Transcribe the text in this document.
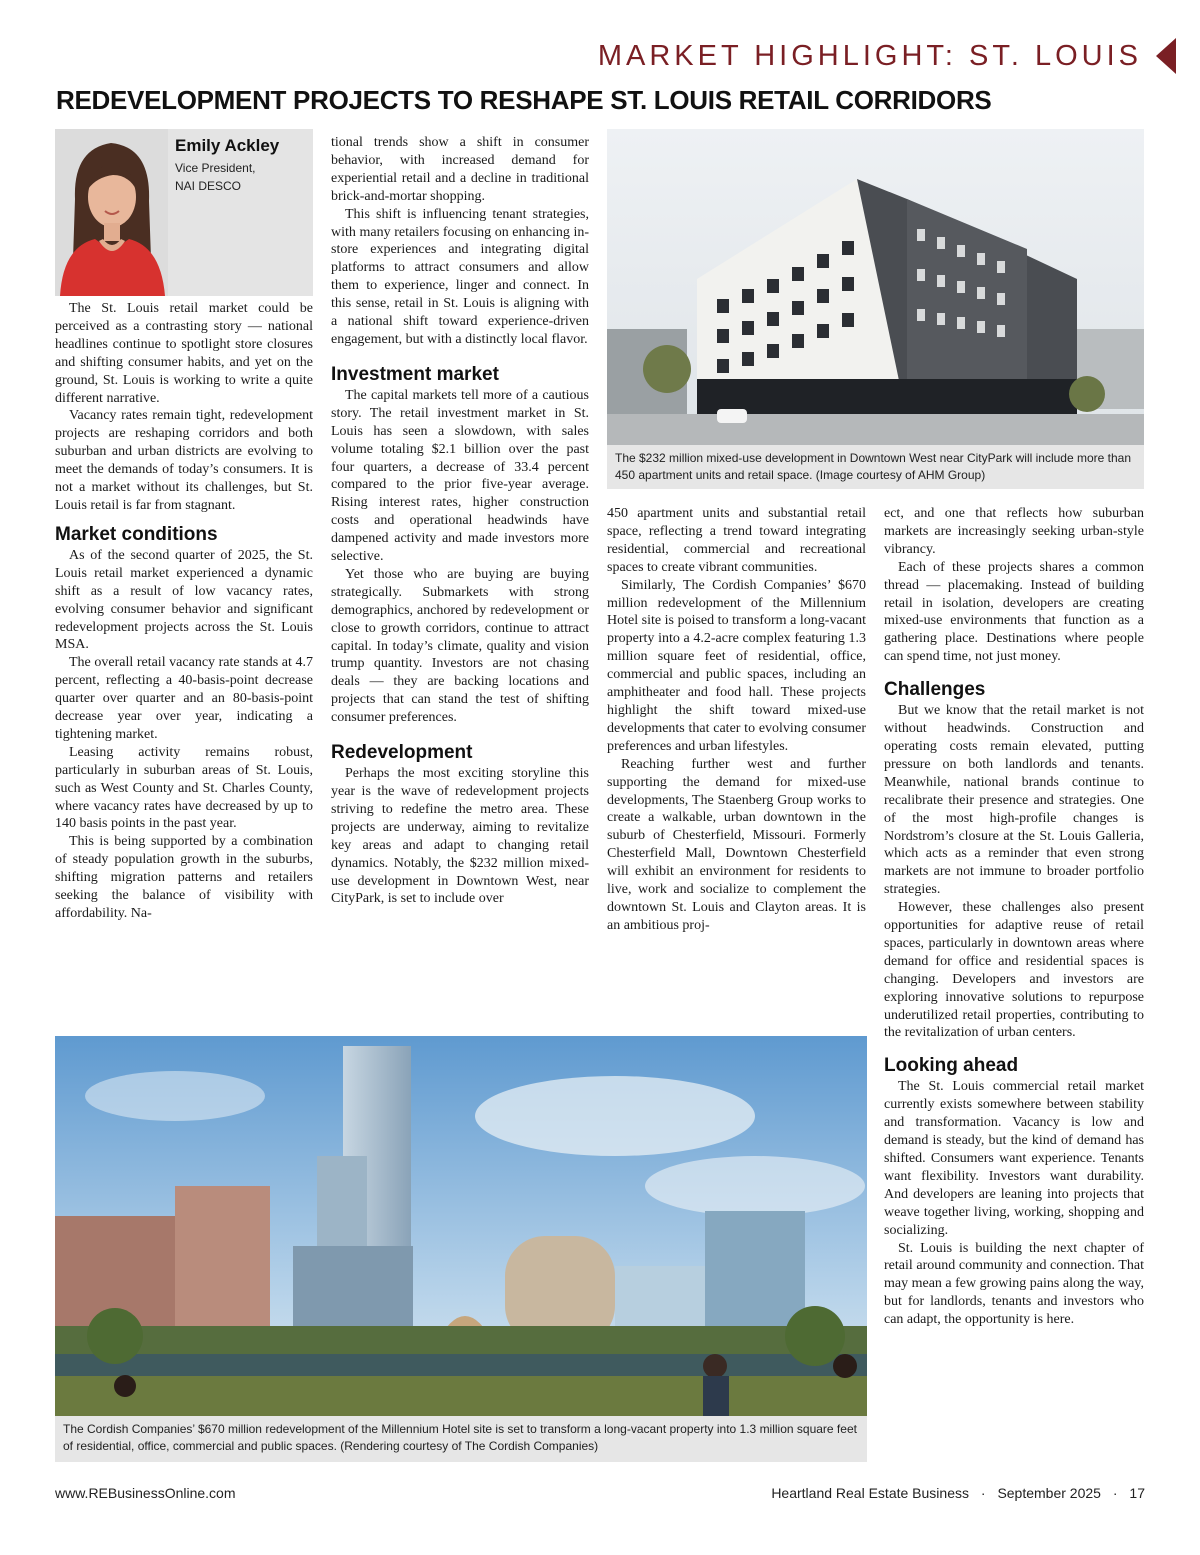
MARKET HIGHLIGHT: ST. LOUIS
REDEVELOPMENT PROJECTS TO RESHAPE ST. LOUIS RETAIL CORRIDORS
Emily Ackley
Vice President,
NAI DESCO

The St. Louis retail market could be perceived as a contrasting story — national headlines continue to spotlight store closures and shifting consumer habits, and yet on the ground, St. Louis is working to write a quite different narrative.

Vacancy rates remain tight, redevelopment projects are reshaping corridors and both suburban and urban districts are evolving to meet the demands of today’s consumers. It is not a market without its challenges, but St. Louis retail is far from stagnant.

Market conditions

As of the second quarter of 2025, the St. Louis retail market experienced a dynamic shift as a result of low vacancy rates, evolving consumer behavior and significant redevelopment projects across the St. Louis MSA.

The overall retail vacancy rate stands at 4.7 percent, reflecting a 40-basis-point decrease quarter over quarter and an 80-basis-point decrease year over year, indicating a tightening market.

Leasing activity remains robust, particularly in suburban areas of St. Louis, such as West County and St. Charles County, where vacancy rates have decreased by up to 140 basis points in the past year.

This is being supported by a combination of steady population growth in the suburbs, shifting migration patterns and retailers seeking the balance of visibility with affordability. Na-

tional trends show a shift in consumer behavior, with increased demand for experiential retail and a decline in traditional brick-and-mortar shopping.

This shift is influencing tenant strategies, with many retailers focusing on enhancing in-store experiences and integrating digital platforms to attract consumers and allow them to experience, linger and connect. In this sense, retail in St. Louis is aligning with a national shift toward experience-driven engagement, but with a distinctly local flavor.

Investment market

The capital markets tell more of a cautious story. The retail investment market in St. Louis has seen a slowdown, with sales volume totaling $2.1 billion over the past four quarters, a decrease of 33.4 percent compared to the prior five-year average. Rising interest rates, higher construction costs and operational headwinds have dampened activity and made investors more selective.

Yet those who are buying are buying strategically. Submarkets with strong demographics, anchored by redevelopment or close to growth corridors, continue to attract capital. In today’s climate, quality and vision trump quantity. Investors are not chasing deals — they are backing locations and projects that can stand the test of shifting consumer preferences.

Redevelopment

Perhaps the most exciting storyline this year is the wave of redevelopment projects striving to redefine the metro area. These projects are underway, aiming to revitalize key areas and adapt to changing retail dynamics. Notably, the $232 million mixed-use development in Downtown West, near CityPark, is set to include over

The $232 million mixed-use development in Downtown West near CityPark will include more than 450 apartment units and retail space. (Image courtesy of AHM Group)

450 apartment units and substantial retail space, reflecting a trend toward integrating residential, commercial and recreational spaces to create vibrant communities.

Similarly, The Cordish Companies’ $670 million redevelopment of the Millennium Hotel site is poised to transform a long-vacant property into a 4.2-acre complex featuring 1.3 million square feet of residential, office, commercial and public spaces, including an amphitheater and food hall. These projects highlight the shift toward mixed-use developments that cater to evolving consumer preferences and urban lifestyles.

Reaching further west and further supporting the demand for mixed-use developments, The Staenberg Group works to create a walkable, urban downtown in the suburb of Chesterfield, Missouri. Formerly Chesterfield Mall, Downtown Chesterfield will exhibit an environment for residents to live, work and socialize to complement the downtown St. Louis and Clayton areas. It is an ambitious proj-

ect, and one that reflects how suburban markets are increasingly seeking urban-style vibrancy.

Each of these projects shares a common thread — placemaking. Instead of building retail in isolation, developers are creating mixed-use environments that function as a gathering place. Destinations where people can spend time, not just money.

Challenges

But we know that the retail market is not without headwinds. Construction and operating costs remain elevated, putting pressure on both landlords and tenants. Meanwhile, national brands continue to recalibrate their presence and strategies. One of the most high-profile changes is Nordstrom’s closure at the St. Louis Galleria, which acts as a reminder that even strong markets are not immune to broader portfolio strategies.

However, these challenges also present opportunities for adaptive reuse of retail spaces, particularly in downtown areas where demand for office and residential spaces is changing. Developers and investors are exploring innovative solutions to repurpose underutilized retail properties, contributing to the revitalization of urban centers.

Looking ahead

The St. Louis commercial retail market currently exists somewhere between stability and transformation. Vacancy is low and demand is steady, but the kind of demand has shifted. Consumers want experience. Tenants want flexibility. Investors want durability. And developers are leaning into projects that weave together living, working, shopping and socializing.

St. Louis is building the next chapter of retail around community and connection. That may mean a few growing pains along the way, but for landlords, tenants and investors who can adapt, the opportunity is here.

The Cordish Companies’ $670 million redevelopment of the Millennium Hotel site is set to transform a long-vacant property into 1.3 million square feet of residential, office, commercial and public spaces. (Rendering courtesy of The Cordish Companies)
www.REBusinessOnline.com	Heartland Real Estate Business · September 2025 · 17
